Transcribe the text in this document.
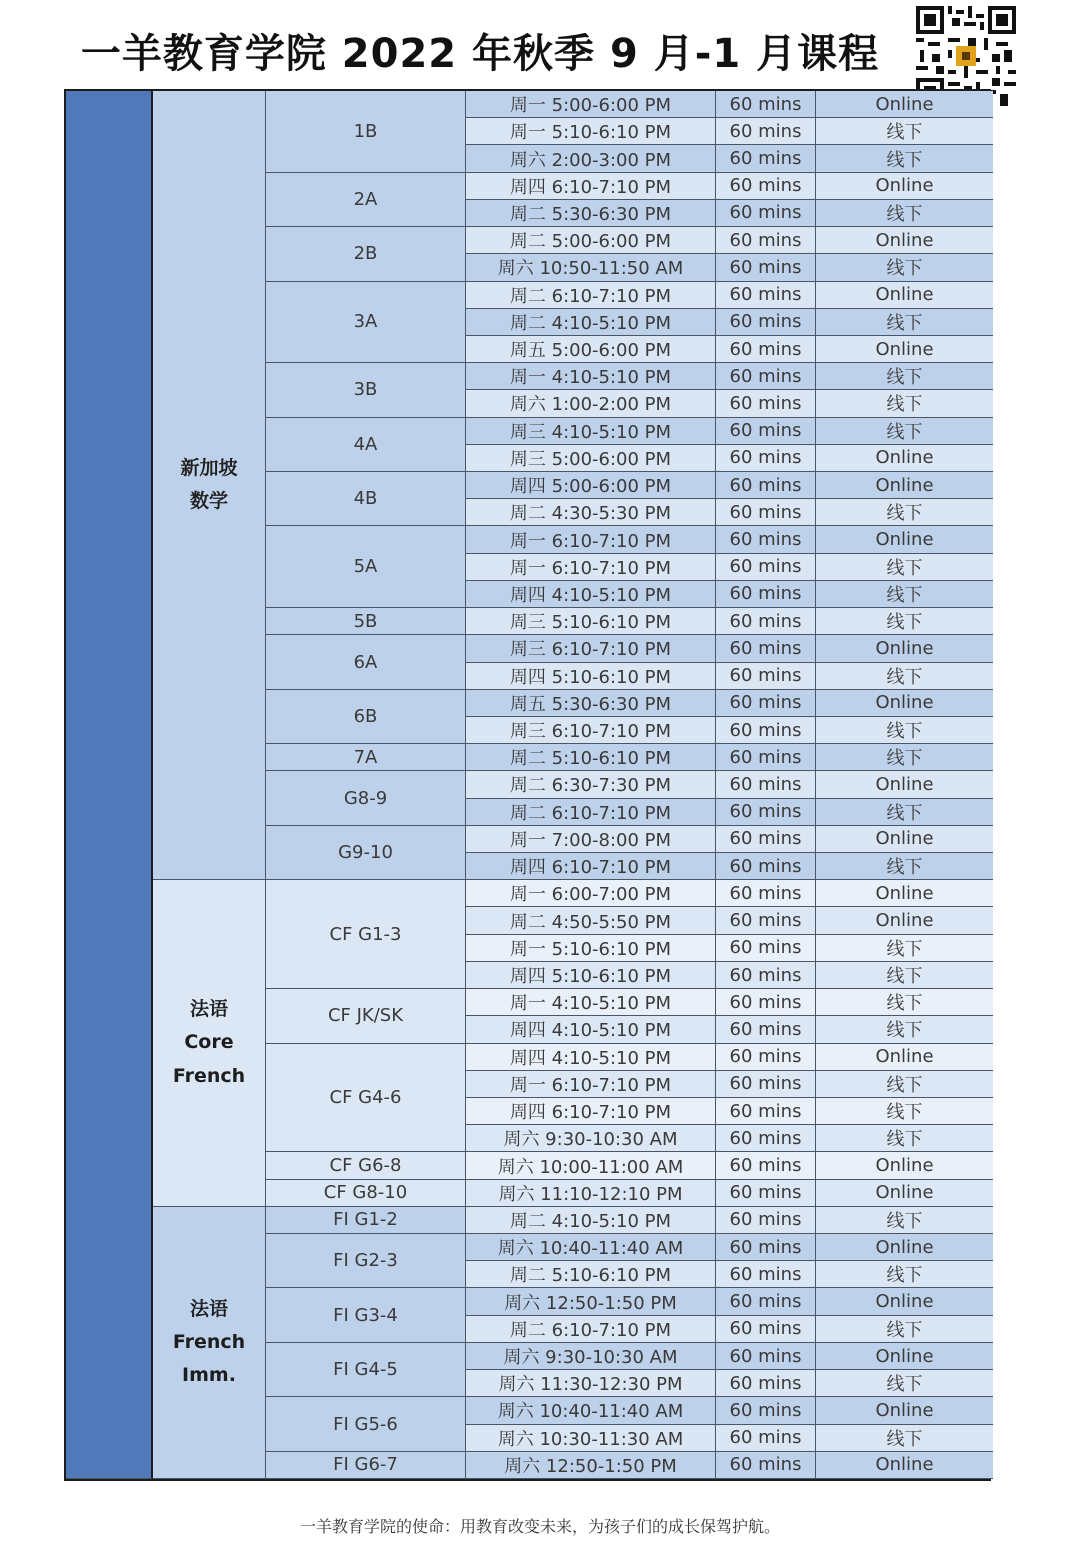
一羊教育学院 2022 年秋季 9 月-1 月课程
新加坡
数学
1B
周一 5:00-6:00 PM	60 mins	Online
周一 5:10-6:10 PM	60 mins	线下
周六 2:00-3:00 PM	60 mins	线下
2A
周四 6:10-7:10 PM	60 mins	Online
周二 5:30-6:30 PM	60 mins	线下
2B
周二 5:00-6:00 PM	60 mins	Online
周六 10:50-11:50 AM	60 mins	线下
3A
周二 6:10-7:10 PM	60 mins	Online
周二 4:10-5:10 PM	60 mins	线下
周五 5:00-6:00 PM	60 mins	Online
3B
周一 4:10-5:10 PM	60 mins	线下
周六 1:00-2:00 PM	60 mins	线下
4A
周三 4:10-5:10 PM	60 mins	线下
周三 5:00-6:00 PM	60 mins	Online
4B
周四 5:00-6:00 PM	60 mins	Online
周二 4:30-5:30 PM	60 mins	线下
5A
周一 6:10-7:10 PM	60 mins	Online
周一 6:10-7:10 PM	60 mins	线下
周四 4:10-5:10 PM	60 mins	线下
5B	周三 5:10-6:10 PM	60 mins	线下
6A
周三 6:10-7:10 PM	60 mins	Online
周四 5:10-6:10 PM	60 mins	线下
6B
周五 5:30-6:30 PM	60 mins	Online
周三 6:10-7:10 PM	60 mins	线下
7A	周二 5:10-6:10 PM	60 mins	线下
G8-9
周二 6:30-7:30 PM	60 mins	Online
周二 6:10-7:10 PM	60 mins	线下
G9-10
周一 7:00-8:00 PM	60 mins	Online
周四 6:10-7:10 PM	60 mins	线下
法语
Core
French
CF G1-3
周一 6:00-7:00 PM	60 mins	Online
周二 4:50-5:50 PM	60 mins	Online
周一 5:10-6:10 PM	60 mins	线下
周四 5:10-6:10 PM	60 mins	线下
CF JK/SK
周一 4:10-5:10 PM	60 mins	线下
周四 4:10-5:10 PM	60 mins	线下
CF G4-6
周四 4:10-5:10 PM	60 mins	Online
周一 6:10-7:10 PM	60 mins	线下
周四 6:10-7:10 PM	60 mins	线下
周六 9:30-10:30 AM	60 mins	线下
CF G6-8	周六 10:00-11:00 AM	60 mins	Online
CF G8-10	周六 11:10-12:10 PM	60 mins	Online
法语
French
Imm.
FI G1-2	周二 4:10-5:10 PM	60 mins	线下
FI G2-3
周六 10:40-11:40 AM	60 mins	Online
周二 5:10-6:10 PM	60 mins	线下
FI G3-4
周六 12:50-1:50 PM	60 mins	Online
周二 6:10-7:10 PM	60 mins	线下
FI G4-5
周六 9:30-10:30 AM	60 mins	Online
周六 11:30-12:30 PM	60 mins	线下
FI G5-6
周六 10:40-11:40 AM	60 mins	Online
周六 10:30-11:30 AM	60 mins	线下
FI G6-7	周六 12:50-1:50 PM	60 mins	Online
一羊教育学院的使命：用教育改变未来，为孩子们的成长保驾护航。
